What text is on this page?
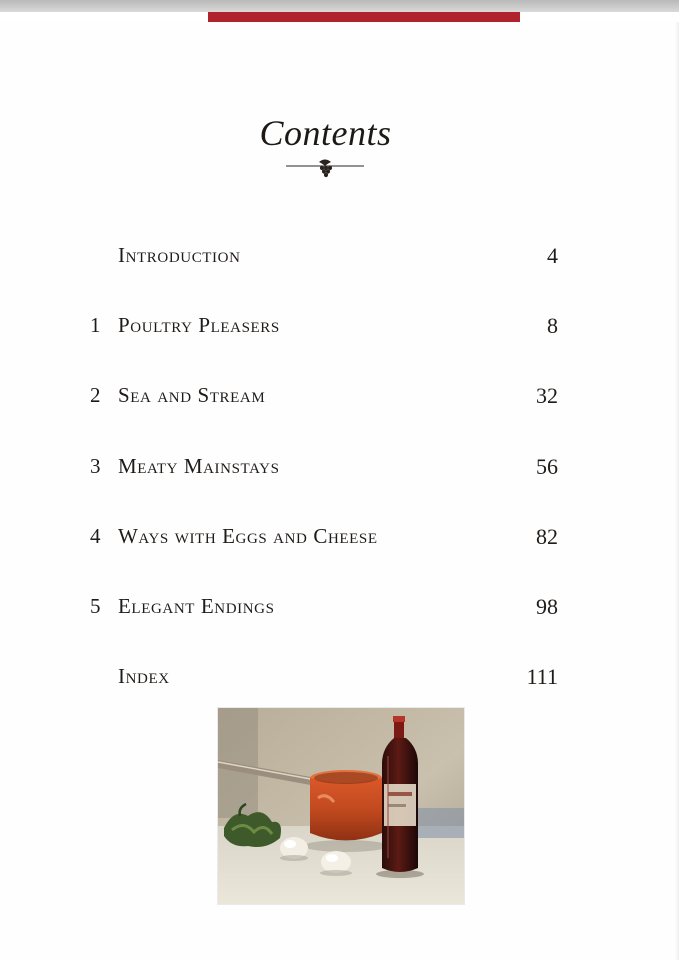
Contents
Introduction	4
1 Poultry Pleasers	8
2 Sea and Stream	32
3 Meaty Mainstays	56
4 Ways with Eggs and Cheese	82
5 Elegant Endings	98
Index	111
